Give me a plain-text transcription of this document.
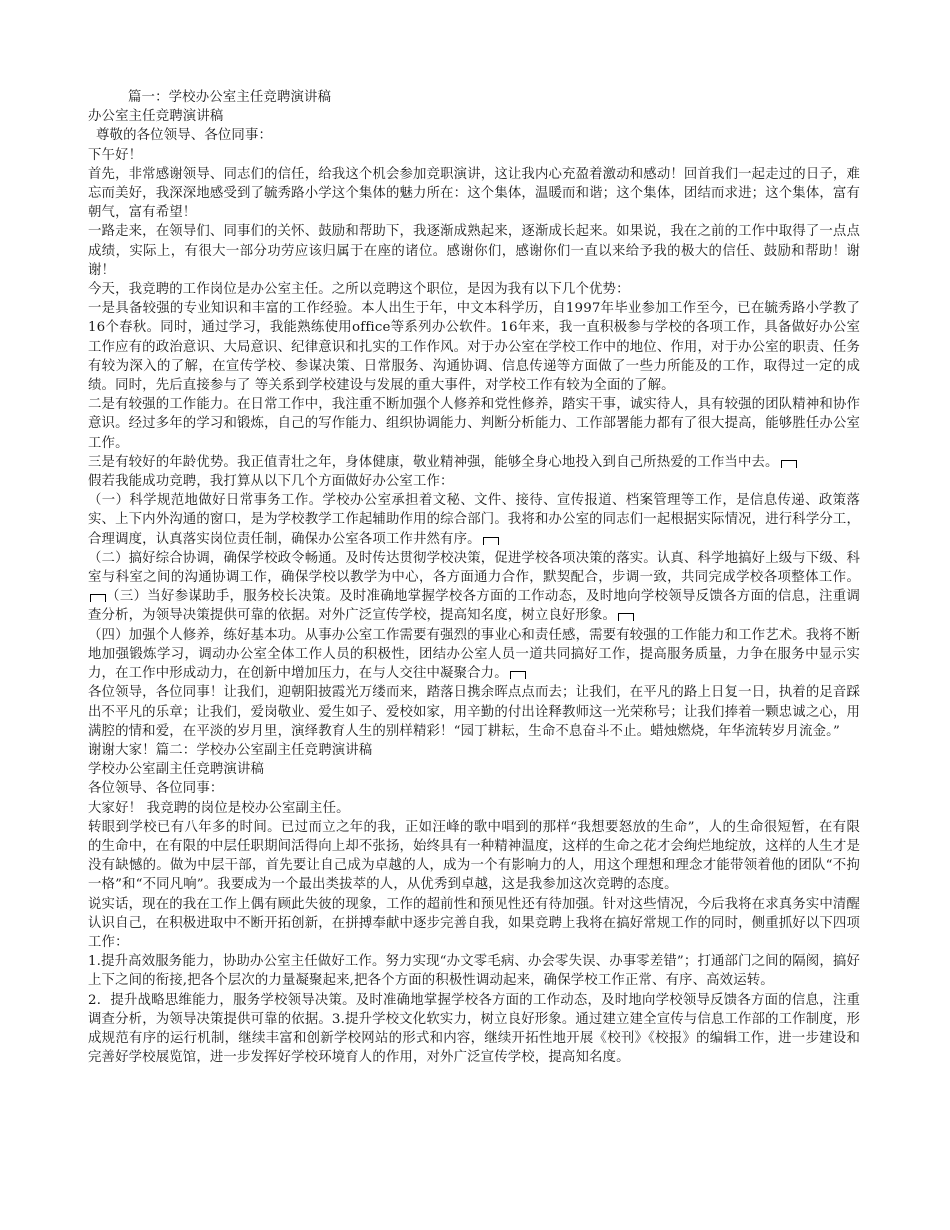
篇一：学校办公室主任竞聘演讲稿

办公室主任竞聘演讲稿

尊敬的各位领导、各位同事：

下午好！

首先，非常感谢领导、同志们的信任，给我这个机会参加竞职演讲，这让我内心充盈着激动和感动！回首我们一起走过的日子，难忘而美好，我深深地感受到了毓秀路小学这个集体的魅力所在：这个集体，温暖而和谐；这个集体，团结而求进；这个集体，富有朝气，富有希望！

一路走来，在领导们、同事们的关怀、鼓励和帮助下，我逐渐成熟起来，逐渐成长起来。如果说，我在之前的工作中取得了一点点成绩，实际上，有很大一部分功劳应该归属于在座的诸位。感谢你们，感谢你们一直以来给予我的极大的信任、鼓励和帮助！谢谢！

今天，我竞聘的工作岗位是办公室主任。之所以竞聘这个职位，是因为我有以下几个优势：

一是具备较强的专业知识和丰富的工作经验。本人出生于年，中文本科学历，自1997年毕业参加工作至今，已在毓秀路小学教了16个春秋。同时，通过学习，我能熟练使用office等系列办公软件。16年来，我一直积极参与学校的各项工作，具备做好办公室工作应有的政治意识、大局意识、纪律意识和扎实的工作作风。对于办公室在学校工作中的地位、作用，对于办公室的职责、任务有较为深入的了解，在宣传学校、参谋决策、日常服务、沟通协调、信息传递等方面做了一些力所能及的工作，取得过一定的成绩。同时，先后直接参与了 等关系到学校建设与发展的重大事件，对学校工作有较为全面的了解。

二是有较强的工作能力。在日常工作中，我注重不断加强个人修养和党性修养，踏实干事，诚实待人，具有较强的团队精神和协作意识。经过多年的学习和锻炼，自己的写作能力、组织协调能力、判断分析能力、工作部署能力都有了很大提高，能够胜任办公室工作。

三是有较好的年龄优势。我正值青壮之年，身体健康，敬业精神强，能够全身心地投入到自己所热爱的工作当中去。

假若我能成功竞聘，我打算从以下几个方面做好办公室工作：

（一）科学规范地做好日常事务工作。学校办公室承担着文秘、文件、接待、宣传报道、档案管理等工作，是信息传递、政策落实、上下内外沟通的窗口，是为学校教学工作起辅助作用的综合部门。我将和办公室的同志们一起根据实际情况，进行科学分工，合理调度，认真落实岗位责任制，确保办公室各项工作井然有序。

（二）搞好综合协调，确保学校政令畅通。及时传达贯彻学校决策，促进学校各项决策的落实。认真、科学地搞好上级与下级、科室与科室之间的沟通协调工作，确保学校以教学为中心，各方面通力合作，默契配合，步调一致，共同完成学校各项整体工作。（三）当好参谋助手，服务校长决策。及时准确地掌握学校各方面的工作动态，及时地向学校领导反馈各方面的信息，注重调查分析，为领导决策提供可靠的依据。对外广泛宣传学校，提高知名度，树立良好形象。

（四）加强个人修养，练好基本功。从事办公室工作需要有强烈的事业心和责任感，需要有较强的工作能力和工作艺术。我将不断地加强锻炼学习，调动办公室全体工作人员的积极性，团结办公室人员一道共同搞好工作，提高服务质量，力争在服务中显示实力，在工作中形成动力，在创新中增加压力，在与人交往中凝聚合力。

各位领导，各位同事！让我们，迎朝阳披霞光万缕而来，踏落日携余晖点点而去；让我们，在平凡的路上日复一日，执着的足音踩出不平凡的乐章；让我们，爱岗敬业、爱生如子、爱校如家，用辛勤的付出诠释教师这一光荣称号；让我们捧着一颗忠诚之心，用满腔的情和爱，在平淡的岁月里，演绎教育人生的别样精彩！“园丁耕耘，生命不息奋斗不止。蜡烛燃烧，年华流转岁月流金。”

谢谢大家！篇二：学校办公室副主任竞聘演讲稿

学校办公室副主任竞聘演讲稿

各位领导、各位同事：

大家好！ 我竞聘的岗位是校办公室副主任。

转眼到学校已有八年多的时间。已过而立之年的我，正如汪峰的歌中唱到的那样“我想要怒放的生命”，人的生命很短暂，在有限的生命中，在有限的中层任职期间活得向上却不张扬，始终具有一种精神温度，这样的生命之花才会绚烂地绽放，这样的人生才是没有缺憾的。做为中层干部，首先要让自己成为卓越的人，成为一个有影响力的人，用这个理想和理念才能带领着他的团队“不拘一格”和“不同凡响”。我要成为一个最出类拔萃的人，从优秀到卓越，这是我参加这次竞聘的态度。

说实话，现在的我在工作上偶有顾此失彼的现象，工作的超前性和预见性还有待加强。针对这些情况，今后我将在求真务实中清醒认识自己，在积极进取中不断开拓创新，在拼搏奉献中逐步完善自我，如果竞聘上我将在搞好常规工作的同时，侧重抓好以下四项工作：

1.提升高效服务能力，协助办公室主任做好工作。努力实现“办文零毛病、办会零失误、办事零差错”；打通部门之间的隔阂，搞好上下之间的衔接,把各个层次的力量凝聚起来,把各个方面的积极性调动起来，确保学校工作正常、有序、高效运转。

2．提升战略思维能力，服务学校领导决策。及时准确地掌握学校各方面的工作动态，及时地向学校领导反馈各方面的信息，注重调查分析，为领导决策提供可靠的依据。3.提升学校文化软实力，树立良好形象。通过建立建全宣传与信息工作部的工作制度，形成规范有序的运行机制，继续丰富和创新学校网站的形式和内容，继续开拓性地开展《校刊》《校报》的编辑工作，进一步建设和完善好学校展览馆，进一步发挥好学校环境育人的作用，对外广泛宣传学校，提高知名度。
